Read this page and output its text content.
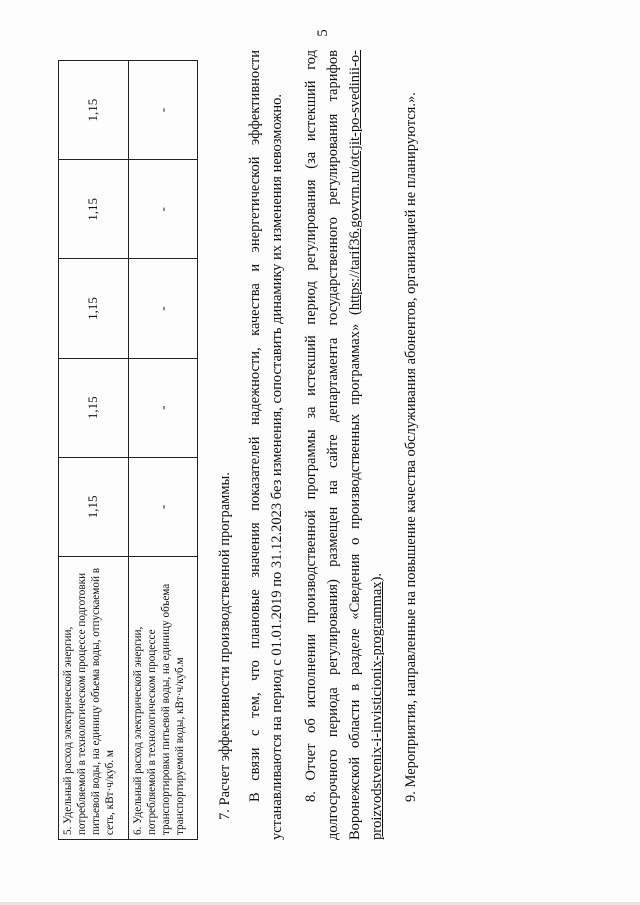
5
5. Удельный расход электрической энергии, потребляемой в технологическом процессе подготовки питьевой воды, на единицу объема воды, отпускаемой в сеть, кВт·ч/куб. м	1,15	1,15	1,15	1,15	1,15
6. Удельный расход электрической энергии, потребляемой в технологическом процессе транспортировки питьевой воды, на единицу объема транспортируемой воды, кВт·ч/куб.м	-	-	-	-	-

7. Расчет эффективности производственной программы. В связи с тем, что плановые значения показателей надежности, качества и энергетической эффективности устанавливаются на период с 01.01.2019 по 31.12.2023 без изменения, сопоставить динамику их изменения невозможно. 8. Отчет об исполнении производственной программы за истекший период регулирования (за истекший год долгосрочного периода регулирования) размещен на сайте департамента государственного регулирования тарифов Воронежской области в разделе «Сведения о производственных программах» (https://tarif36.govvrn.ru/otcjit-po-svedinii-o-proizvodstvenix-i-invisticionix-programmax). 9. Мероприятия, направленные на повышение качества обслуживания абонентов, организацией не планируются.».
